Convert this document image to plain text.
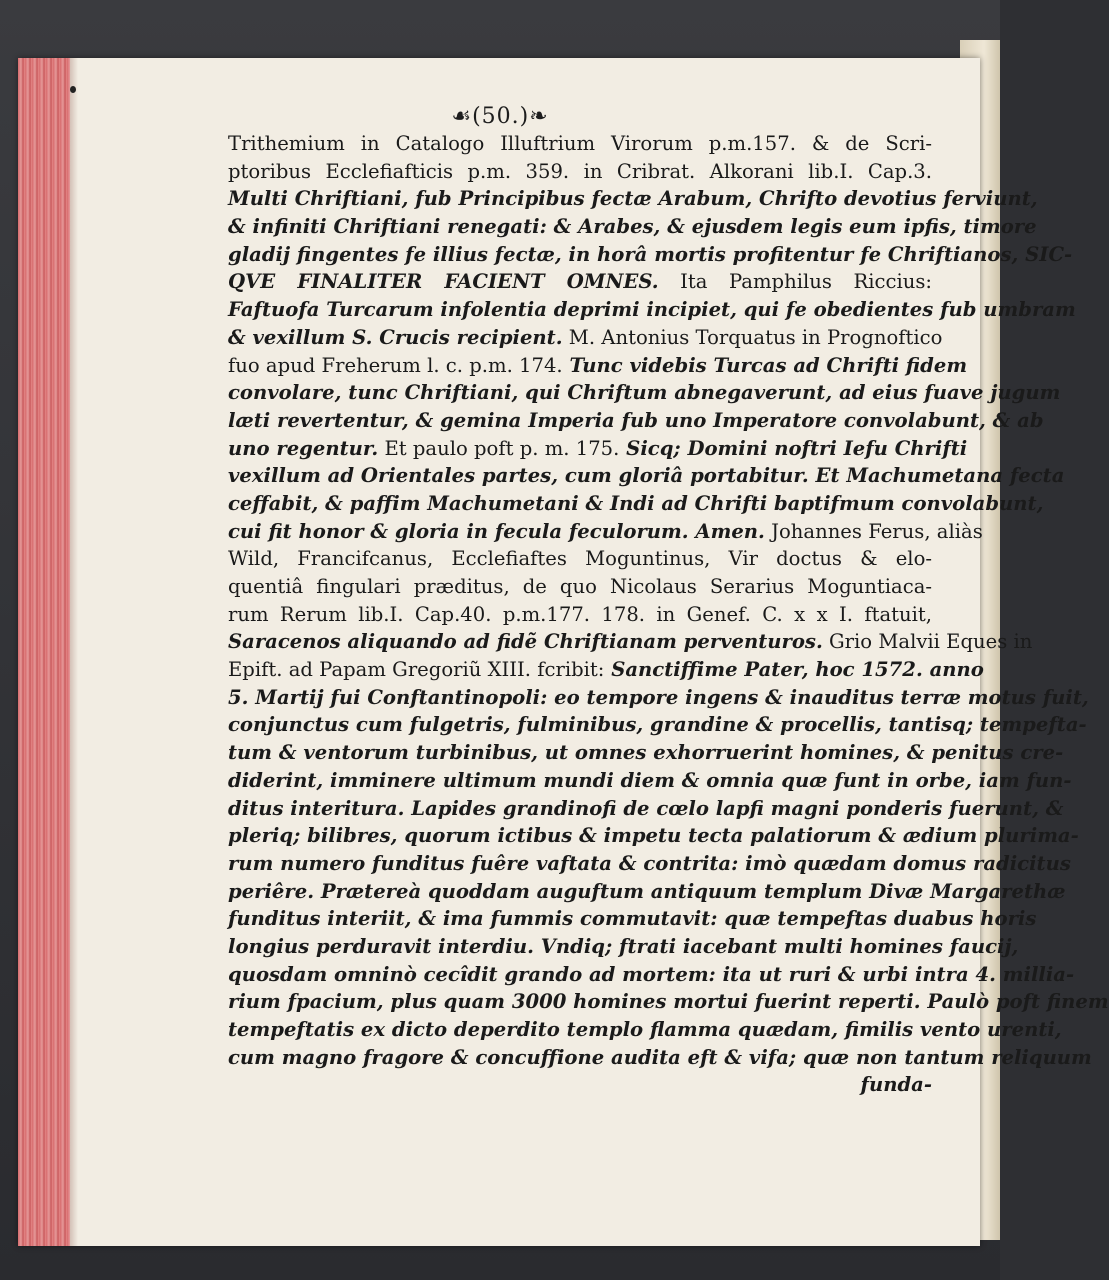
☙(50.)❧
Trithemium in Catalogo Illuftrium Virorum p.m.157. & de Scri-
ptoribus Ecclefiafticis p.m. 359. in Cribrat. Alkorani lib.I. Cap.3.
Multi Chriftiani, fub Principibus fectæ Arabum, Chrifto devotius ferviunt,
& infiniti Chriftiani renegati: & Arabes, & ejusdem legis eum ipfis, timore
gladij fingentes fe illius fectæ, in horâ mortis profitentur fe Chriftianos, SIC-
QVE FINALITER FACIENT OMNES. Ita Pamphilus Riccius:
Faftuofa Turcarum infolentia deprimi incipiet, qui fe obedientes fub umbram
& vexillum S. Crucis recipient. M. Antonius Torquatus in Prognoftico
fuo apud Freherum l. c. p.m. 174. Tunc videbis Turcas ad Chrifti fidem
convolare, tunc Chriftiani, qui Chriftum abnegaverunt, ad eius fuave jugum
læti revertentur, & gemina Imperia fub uno Imperatore convolabunt, & ab
uno regentur. Et paulo poft p. m. 175. Sicq; Domini noftri Iefu Chrifti
vexillum ad Orientales partes, cum gloriâ portabitur. Et Machumetana fecta
ceffabit, & paffim Machumetani & Indi ad Chrifti baptifmum convolabunt,
cui fit honor & gloria in fecula feculorum. Amen. Johannes Ferus, aliàs
Wild, Francifcanus, Ecclefiaftes Moguntinus, Vir doctus & elo-
quentiâ fingulari præditus, de quo Nicolaus Serarius Moguntiaca-
rum Rerum lib.I. Cap.40. p.m.177. 178. in Genef. C. x x I. ftatuit,
Saracenos aliquando ad fidẽ Chriftianam perventuros. Grio Malvii Eques in
Epift. ad Papam Gregoriũ XIII. fcribit: Sanctiffime Pater, hoc 1572. anno
5. Martij fui Conftantinopoli: eo tempore ingens & inauditus terræ motus fuit,
conjunctus cum fulgetris, fulminibus, grandine & procellis, tantisq; tempefta-
tum & ventorum turbinibus, ut omnes exhorruerint homines, & penitus cre-
diderint, imminere ultimum mundi diem & omnia quæ funt in orbe, iam fun-
ditus interitura. Lapides grandinofi de cœlo lapfi magni ponderis fuerunt, &
pleriq; bilibres, quorum ictibus & impetu tecta palatiorum & ædium plurima-
rum numero funditus fuêre vaftata & contrita: imò quædam domus radicitus
periêre. Prætereà quoddam auguftum antiquum templum Divæ Margarethæ
funditus interiit, & ima fummis commutavit: quæ tempeftas duabus horis
longius perduravit interdiu. Vndiq; ftrati iacebant multi homines faucij,
quosdam omninò cecîdit grando ad mortem: ita ut ruri & urbi intra 4. millia-
rium fpacium, plus quam 3000 homines mortui fuerint reperti. Paulò poft finem
tempeftatis ex dicto deperdito templo flamma quædam, fimilis vento urenti,
cum magno fragore & concuffione audita eft & vifa; quæ non tantum reliquum
funda-
